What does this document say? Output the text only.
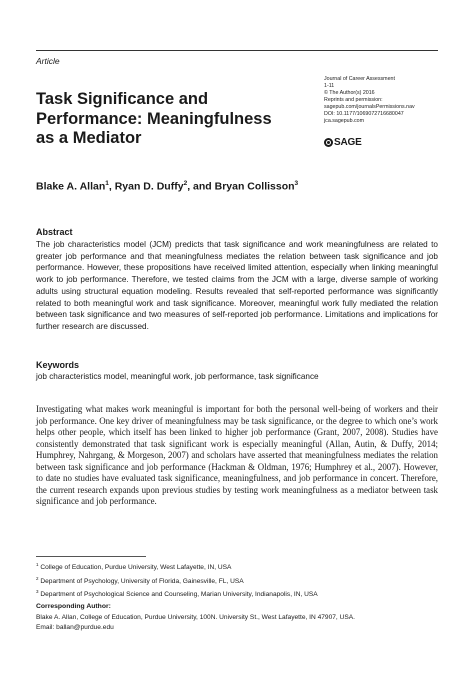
Article
Task Significance and
Performance: Meaningfulness
as a Mediator
Journal of Career Assessment
1-11
© The Author(s) 2016
Reprints and permission:
sagepub.com/journalsPermissions.nav
DOI: 10.1177/1069072716680047
jca.sagepub.com
SAGE
Blake A. Allan$^1$, Ryan D. Duffy$^2$, and Bryan Collisson$^3$
Abstract
The job characteristics model (JCM) predicts that task significance and work meaningfulness are related to greater job performance and that meaningfulness mediates the relation between task significance and job performance. However, these propositions have received limited attention, especially when linking meaningful work to job performance. Therefore, we tested claims from the JCM with a large, diverse sample of working adults using structural equation modeling. Results revealed that self-reported performance was significantly related to both meaningful work and task significance. Moreover, meaningful work fully mediated the relation between task significance and two measures of self-reported job performance. Limitations and implications for further research are discussed.
Keywords
job characteristics model, meaningful work, job performance, task significance
Investigating what makes work meaningful is important for both the personal well-being of workers and their job performance. One key driver of meaningfulness may be task significance, or the degree to which one’s work helps other people, which itself has been linked to higher job performance (Grant, 2007, 2008). Studies have consistently demonstrated that task significant work is especially meaningful (Allan, Autin, & Duffy, 2014; Humphrey, Nahrgang, & Morgeson, 2007) and scholars have asserted that meaningfulness mediates the relation between task significance and job performance (Hackman & Oldman, 1976; Humphrey et al., 2007). However, to date no studies have evaluated task significance, meaningfulness, and job performance in concert. Therefore, the current research expands upon previous studies by testing work meaningfulness as a mediator between task significance and job performance.
$^1$ College of Education, Purdue University, West Lafayette, IN, USA
$^2$ Department of Psychology, University of Florida, Gainesville, FL, USA
$^3$ Department of Psychological Science and Counseling, Marian University, Indianapolis, IN, USA
Corresponding Author:
Blake A. Allan, College of Education, Purdue University, 100N. University St., West Lafayette, IN 47907, USA.
Email: ballan@purdue.edu
